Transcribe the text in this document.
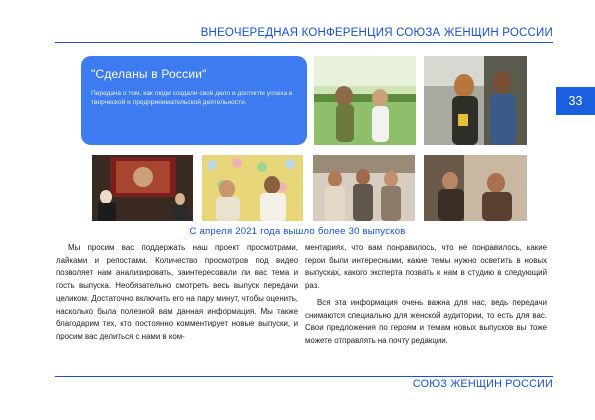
ВНЕОЧЕРЕДНАЯ КОНФЕРЕНЦИЯ СОЮЗА ЖЕНЩИН РОССИИ
33
"Сделаны в России"
Передача о том, как люди создали своё дело и достигли успеха в творческой и предпринимательской деятельности.
С апреля 2021 года вышло более 30 выпусков

Мы просим вас поддержать наш проект просмотрами, лайками и репостами. Количество просмотров под видео позволяет нам анализировать, заинтересовали ли вас тема и гость выпуска. Необязательно смотреть весь выпуск передачи целиком. Достаточно включить его на пару минут, чтобы оценить, насколько была полезной вам данная информация. Мы также благодарим тех, кто постоянно комментирует новые выпуски, и просим вас делиться с нами в ком-

ментариях, что вам понравилось, что не понравилось, какие герои были интересными, какие темы нужно осветить в новых выпусках, какого эксперта позвать к нам в студию в следующий раз.

Вся эта информация очень важна для нас, ведь передачи снимаются специально для женской аудитории, то есть для вас. Свои предложения по героям и темам новых выпусков вы тоже можете отправлять на почту редакции.

СОЮЗ ЖЕНЩИН РОССИИ
